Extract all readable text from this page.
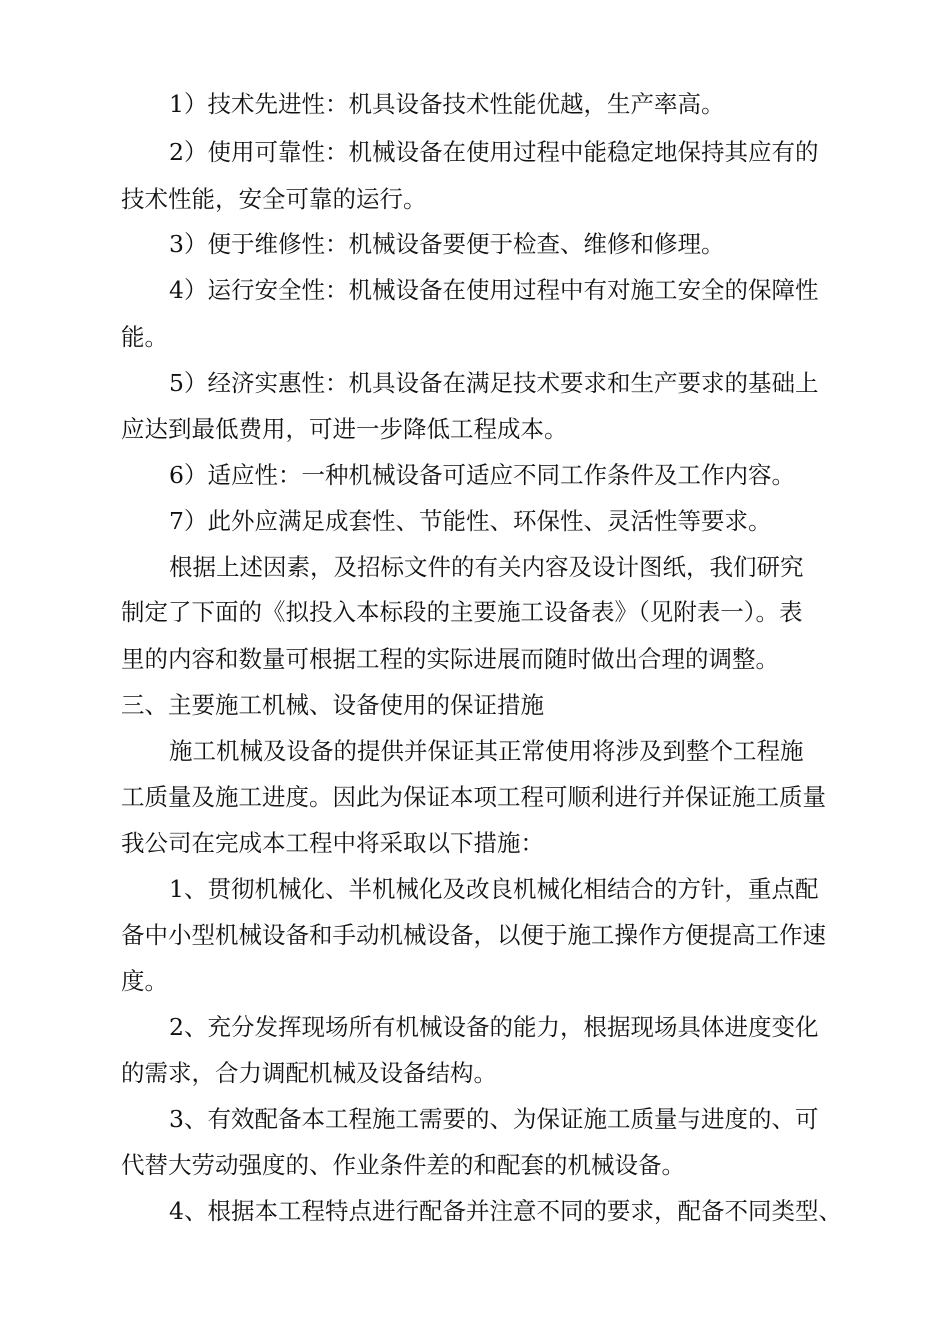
1）技术先进性：机具设备技术性能优越，生产率高。
2）使用可靠性：机械设备在使用过程中能稳定地保持其应有的
技术性能，安全可靠的运行。
3）便于维修性：机械设备要便于检查、维修和修理。
4）运行安全性：机械设备在使用过程中有对施工安全的保障性
能。
5）经济实惠性：机具设备在满足技术要求和生产要求的基础上
应达到最低费用，可进一步降低工程成本。
6）适应性：一种机械设备可适应不同工作条件及工作内容。
7）此外应满足成套性、节能性、环保性、灵活性等要求。
根据上述因素，及招标文件的有关内容及设计图纸，我们研究
制定了下面的《拟投入本标段的主要施工设备表》（见附表一）。表
里的内容和数量可根据工程的实际进展而随时做出合理的调整。
三、主要施工机械、设备使用的保证措施
施工机械及设备的提供并保证其正常使用将涉及到整个工程施
工质量及施工进度。因此为保证本项工程可顺利进行并保证施工质量
我公司在完成本工程中将采取以下措施：
1、贯彻机械化、半机械化及改良机械化相结合的方针，重点配
备中小型机械设备和手动机械设备，以便于施工操作方便提高工作速
度。
2、充分发挥现场所有机械设备的能力，根据现场具体进度变化
的需求，合力调配机械及设备结构。
3、有效配备本工程施工需要的、为保证施工质量与进度的、可
代替大劳动强度的、作业条件差的和配套的机械设备。
4、根据本工程特点进行配备并注意不同的要求，配备不同类型、
